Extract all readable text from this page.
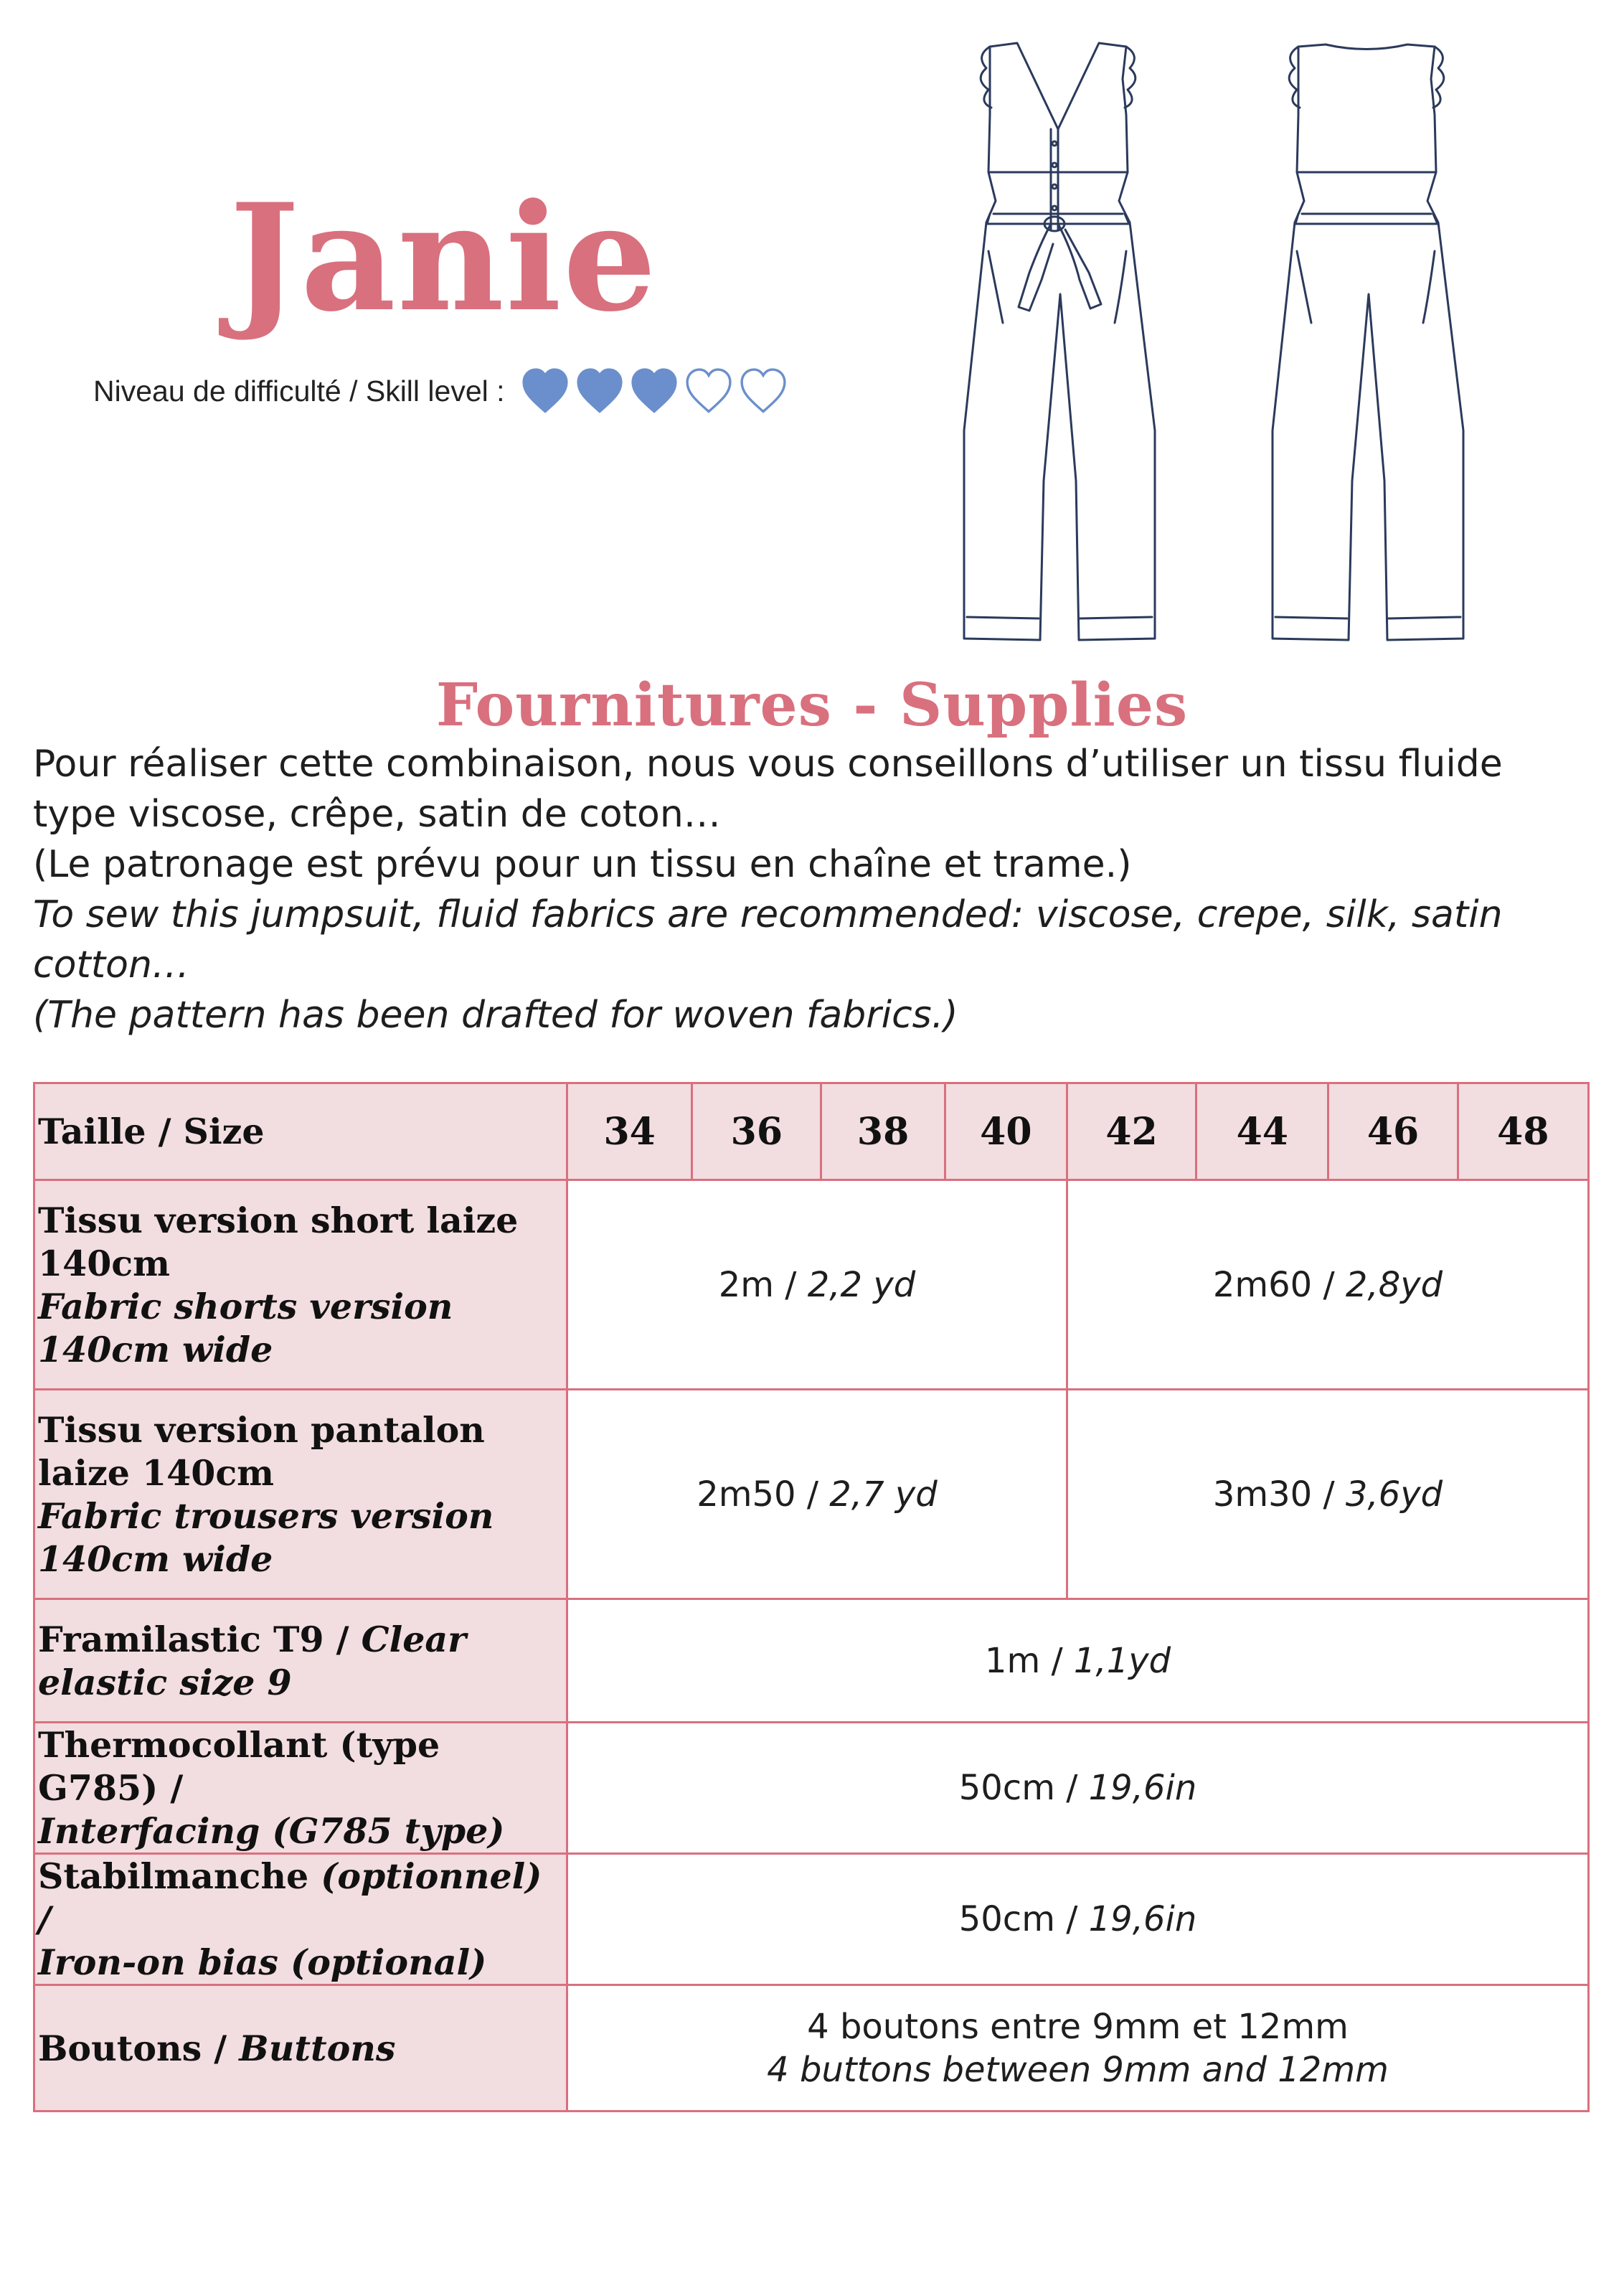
Janie
Niveau de difficulté / Skill level :
Fournitures - Supplies

Pour réaliser cette combinaison, nous vous conseillons d’utiliser un tissu fluide type viscose, crêpe, satin de coton…

(Le patronage est prévu pour un tissu en chaîne et trame.)

To sew this jumpsuit, fluid fabrics are recommended: viscose, crepe, silk, satin cotton…

(The pattern has been drafted for woven fabrics.)

Taille / Size	34	36	38	40	42	44	46	48
Tissu version short laize 140cm
Fabric shorts version 140cm wide	2m / 2,2 yd				2m60 / 2,8yd			
Tissu version pantalon laize 140cm
Fabric trousers version 140cm wide	2m50 / 2,7 yd				3m30 / 3,6yd			
Framilastic T9 / Clear elastic size 9	1m / 1,1yd							
Thermocollant (type G785) /
Interfacing (G785 type)	50cm / 19,6in							
Stabilmanche (optionnel) /
Iron-on bias (optional)	50cm / 19,6in							
Boutons / Buttons	4 boutons entre 9mm et 12mm
4 buttons between 9mm and 12mm							
